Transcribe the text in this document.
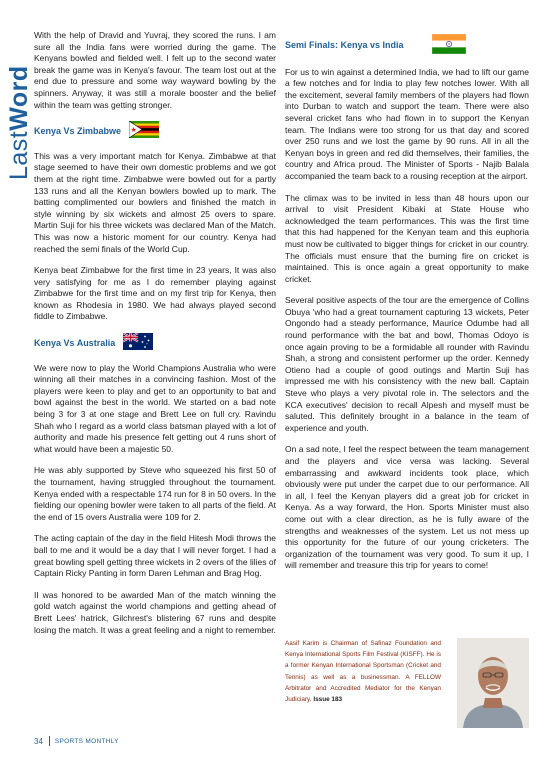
LastWord

With the help of Dravid and Yuvraj, they scored the runs. I am sure all the India fans were worried during the game. The Kenyans bowled and fielded well. I felt up to the second water break the game was in Kenya's favour. The team lost out at the end due to pressure and some way wayward bowling by the spinners. Anyway, it was still a morale booster and the belief within the team was getting stronger.

Kenya Vs Zimbabwe

This was a very important match for Kenya. Zimbabwe at that stage seemed to have their own domestic problems and we got them at the right time. Zimbabwe were bowled out for a partly 133 runs and all the Kenyan bowlers bowled up to mark. The batting complimented our bowlers and finished the match in style winning by six wickets and almost 25 overs to spare. Martin Suji for his three wickets was declared Man of the Match. This was now a historic moment for our country. Kenya had reached the semi finals of the World Cup.

Kenya beat Zimbabwe for the first time in 23 years, It was also very satisfying for me as I do remember playing against Zimbabwe for the first time and on my first trip for Kenya, then known as Rhodesia in 1980. We had always played second fiddle to Zimbabwe.

Kenya Vs Australia

We were now to play the World Champions Australia who were winning all their matches in a convincing fashion. Most of the players were keen to play and get to an opportunity to bat and bowl against the best in the world. We started on a bad note being 3 for 3 at one stage and Brett Lee on full cry. Ravindu Shah who I regard as a world class batsman played with a lot of authority and made his presence felt getting out 4 runs short of what would have been a majestic 50.

He was ably supported by Steve who squeezed his first 50 of the tournament, having struggled throughout the tournament. Kenya ended with a respectable 174 run for 8 in 50 overs. In the fielding our opening bowler were taken to all parts of the field. At the end of 15 overs Australia were 109 for 2.

The acting captain of the day in the field Hitesh Modi throws the ball to me and it would be a day that I will never forget. I had a great bowling spell getting three wickets in 2 overs of the lilies of Captain Ricky Panting in form Daren Lehman and Brag Hog.

II was honored to be awarded Man of the match winning the gold watch against the world champions and getting ahead of Brett Lees' hatrick, Gilchrest's blistering 67 runs and despite losing the match. It was a great feeling and a night to remember.

Semi Finals: Kenya vs India

For us to win against a determined India, we had to lift our game a few notches and for India to play few notches lower. With all the excitement, several family members of the players had flown into Durban to watch and support the team. There were also several cricket fans who had flown in to support the Kenyan team. The Indians were too strong for us that day and scored over 250 runs and we lost the game by 90 runs. All in all the Kenyan boys in green and red did themselves, their families, the country and Africa proud. The Minister of Sports - Najib Balala accompanied the team back to a rousing reception at the airport.

The climax was to be invited in less than 48 hours upon our arrival to visit President Kibaki at State House who acknowledged the team performances. This was the first time that this had happened for the Kenyan team and this euphoria must now be cultivated to bigger things for cricket in our country. The officials must ensure that the burning fire on cricket is maintained. This is once again a great opportunity to make cricket.

Several positive aspects of the tour are the emergence of Collins Obuya 'who had a great tournament capturing 13 wickets, Peter Ongondo had a steady performance, Maurice Odumbe had all round performance with the bat and bowl, Thomas Odoyo is once again proving to be a formidable all rounder with Ravindu Shah, a strong and consistent performer up the order. Kennedy Otieno had a couple of good outings and Martin Suji has impressed me with his consistency with the new ball. Captain Steve who plays a very pivotal role in. The selectors and the KCA executives' decision to recall Alpesh and myself must be saluted. This definitely brought in a balance in the team of experience and youth.

On a sad note, I feel the respect between the team management and the players and vice versa was lacking. Several embarrassing and awkward incidents took place, which obviously were put under the carpet due to our performance. All in all, I feel the Kenyan players did a great job for cricket in Kenya. As a way forward, the Hon. Sports Minister must also come out with a clear direction, as he is fully aware of the strengths and weaknesses of the system. Let us not mess up this opportunity for the future of our young cricketers. The organization of the tournament was very good. To sum it up, I will remember and treasure this trip for years to come!

Aasif Karim is Chairman of Safinaz Foundation and Kenya International Sports Film Festival (KISFF). He is a former Kenyan International Sportsman (Cricket and Tennis) as well as a businessman. A FELLOW Arbitrator and Accredited Mediator for the Kenyan Judiciary. Issue 183
34 SPORTS MONTHLY
